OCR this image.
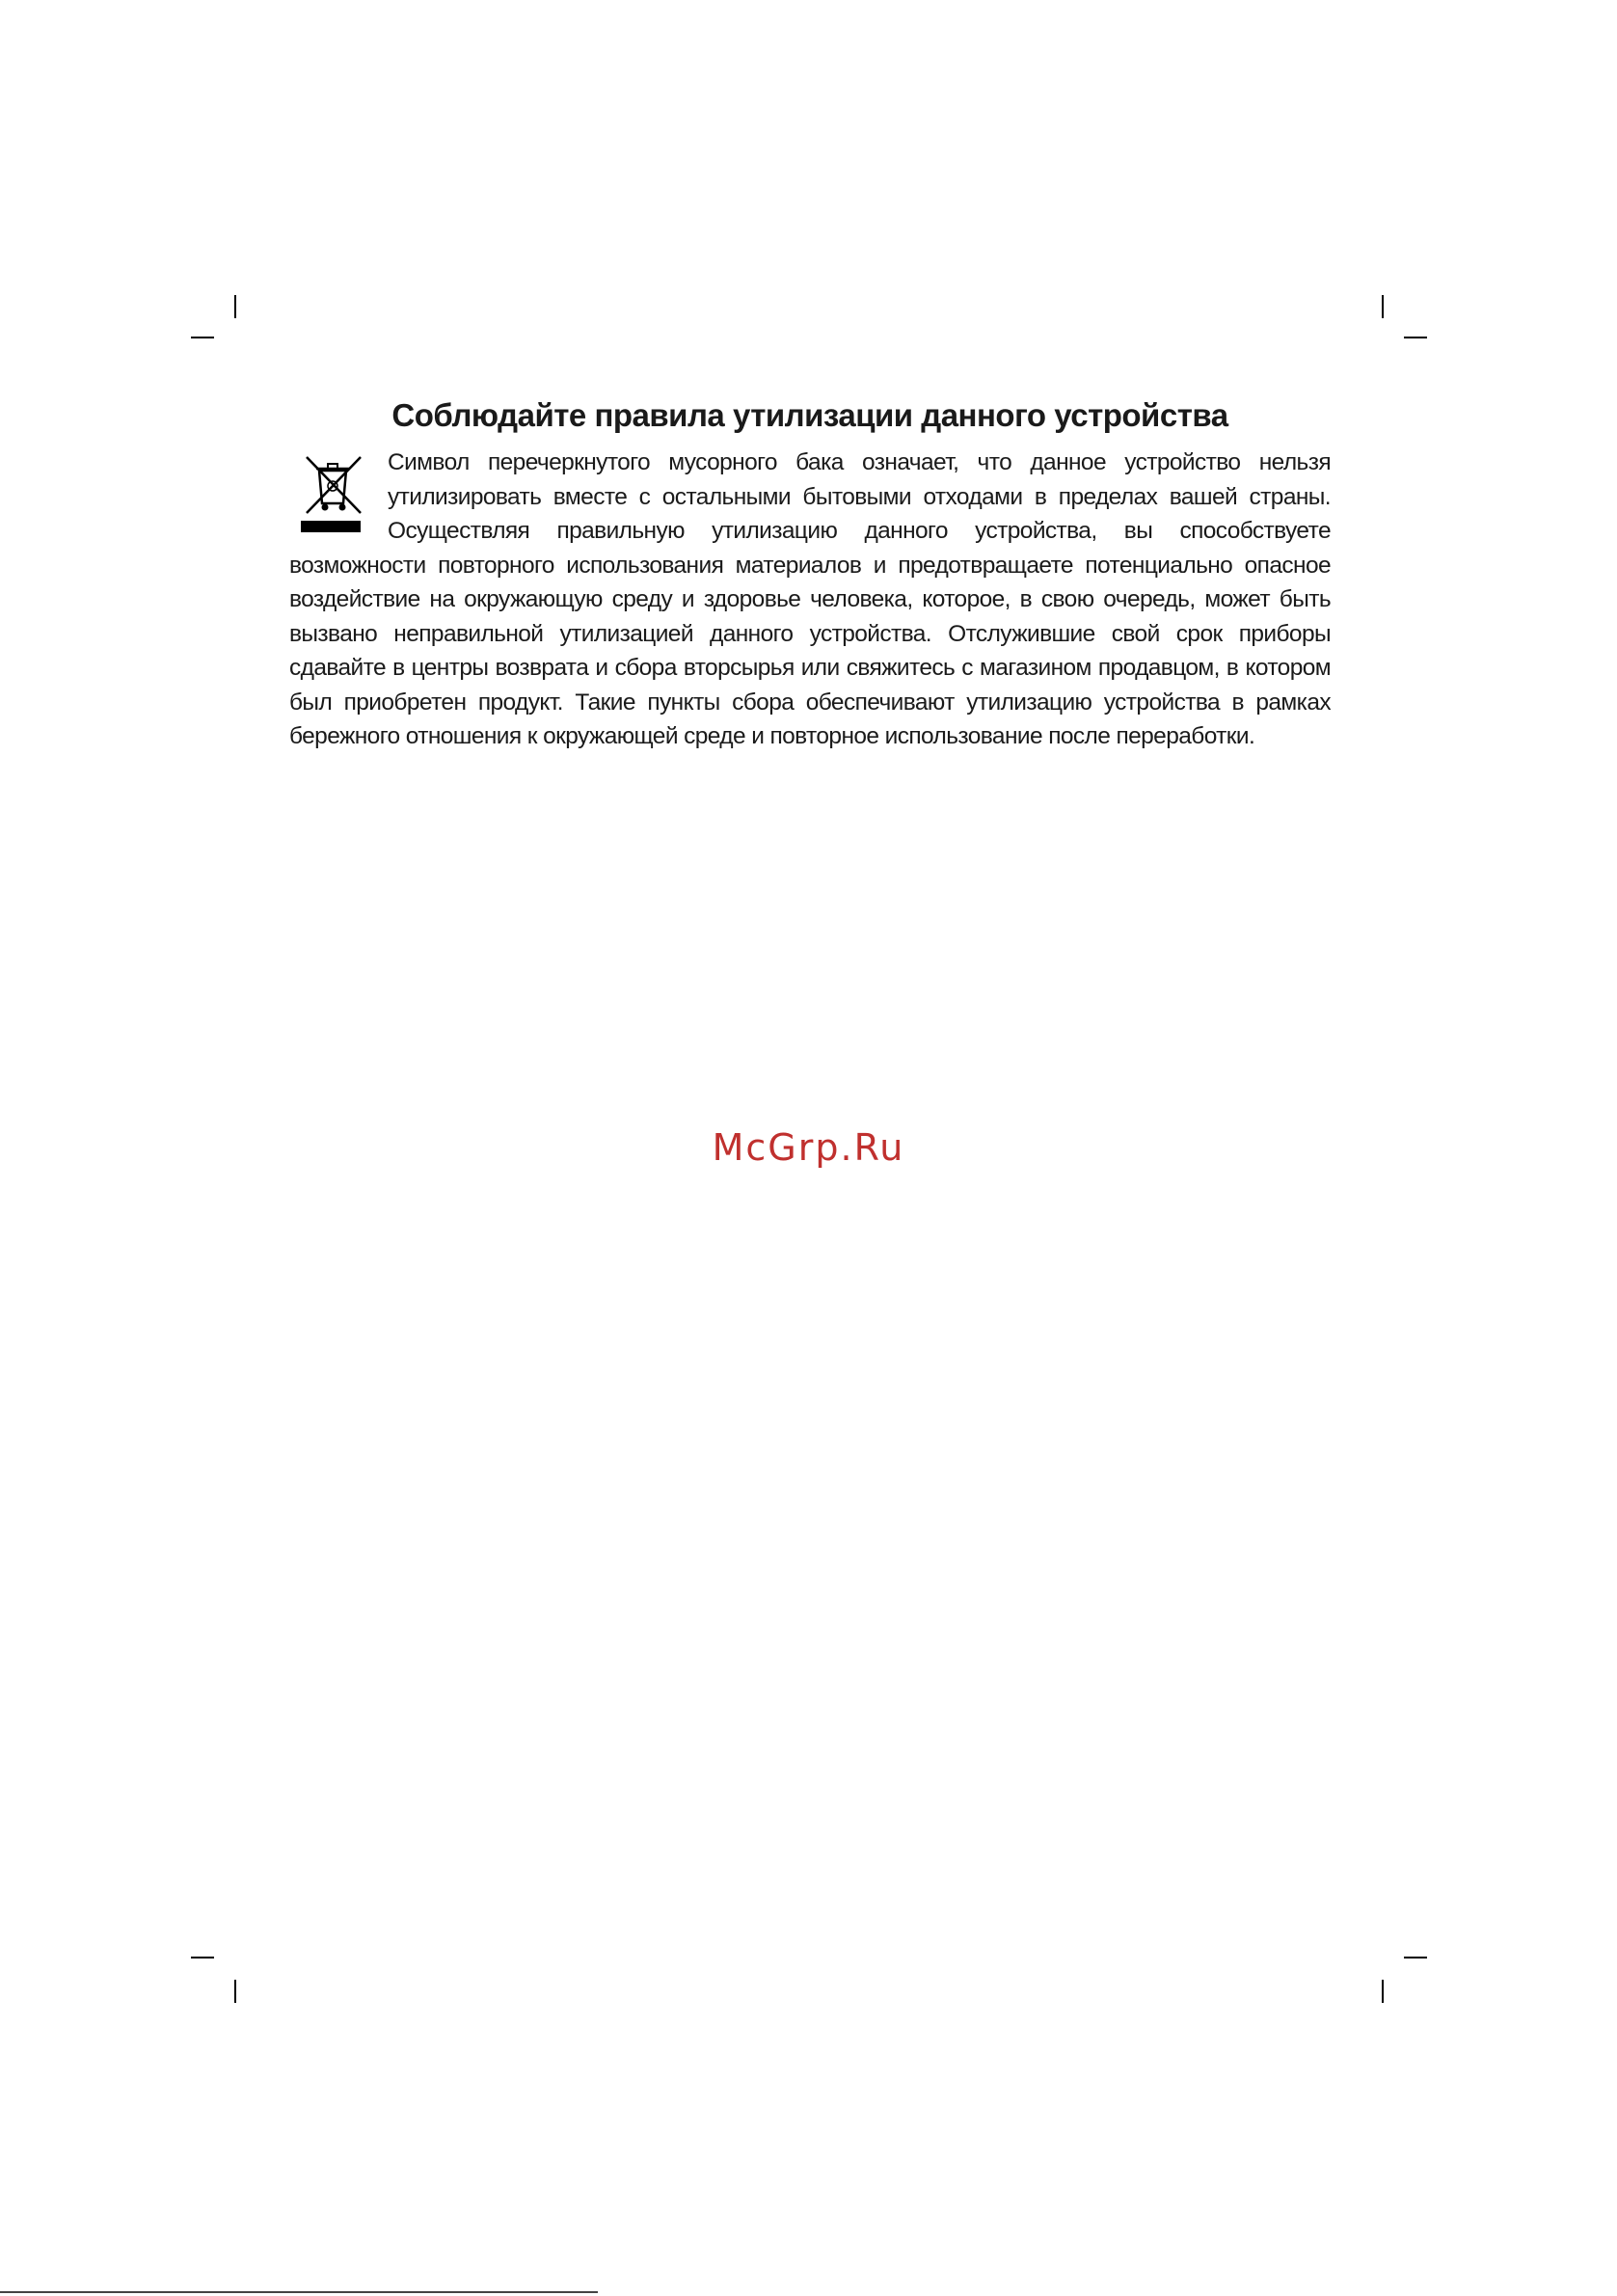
Соблюдайте правила утилизации данного устройства

Символ перечеркнутого мусорного бака означает, что данное устройство нельзя утилизировать вместе с остальными бытовыми отходами в пределах вашей страны. Осуществляя правильную утилизацию данного устройства, вы способствуете возможности повторного использования материалов и предотвращаете потенциально опасное воздействие на окружающую среду и здоровье человека, которое, в свою очередь, может быть вызвано неправильной утилизацией данного устройства. Отслужившие свой срок приборы сдавайте в центры возврата и сбора вторсырья или свяжитесь с магазином продавцом, в котором был приобретен продукт. Такие пункты сбора обеспечивают утилизацию устройства в рамках бережного отношения к окружающей среде и повторное использование после переработки.

McGrp.Ru
